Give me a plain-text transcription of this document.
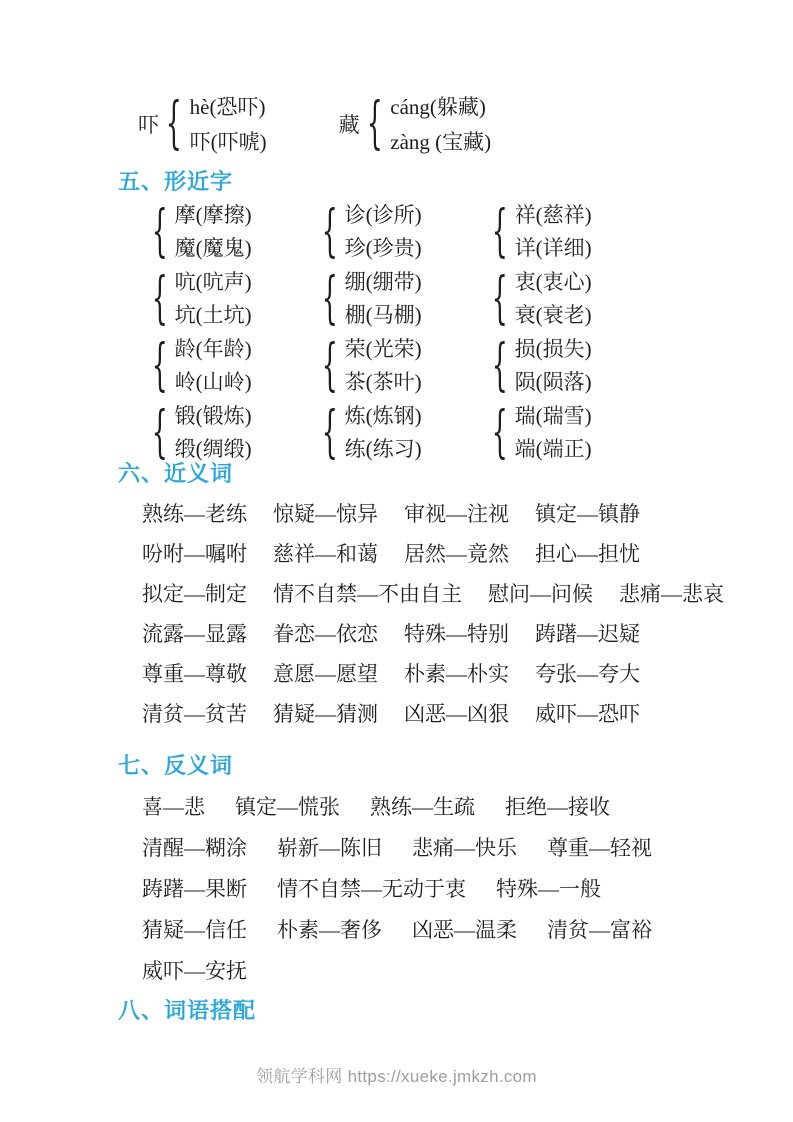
吓 { hè(恐吓)
吓(吓唬)
藏 { cáng(躲藏)
zàng (宝藏)
五、形近字
{ 摩(摩擦)
魔(魔鬼) { 诊(诊所)
珍(珍贵) { 祥(慈祥)
详(详细)
{ 吭(吭声)
坑(土坑) { 绷(绷带)
棚(马棚) { 衷(衷心)
衰(衰老)
{ 龄(年龄)
岭(山岭) { 荣(光荣)
茶(茶叶) { 损(损失)
陨(陨落)
{ 锻(锻炼)
缎(绸缎) { 炼(炼钢)
练(练习) { 瑞(瑞雪)
端(端正)
六、近义词

熟练—老练 惊疑—惊异 审视—注视 镇定—镇静

吩咐—嘱咐 慈祥—和蔼 居然—竟然 担心—担忧

拟定—制定 情不自禁—不由自主 慰问—问候 悲痛—悲哀

流露—显露 眷恋—依恋 特殊—特别 踌躇—迟疑

尊重—尊敬 意愿—愿望 朴素—朴实 夸张—夸大

清贫—贫苦 猜疑—猜测 凶恶—凶狠 威吓—恐吓

七、反义词

喜—悲 镇定—慌张 熟练—生疏 拒绝—接收

清醒—糊涂 崭新—陈旧 悲痛—快乐 尊重—轻视

踌躇—果断 情不自禁—无动于衷 特殊—一般

猜疑—信任 朴素—奢侈 凶恶—温柔 清贫—富裕

威吓—安抚

八、词语搭配
领航学科网 https://xueke.jmkzh.com
